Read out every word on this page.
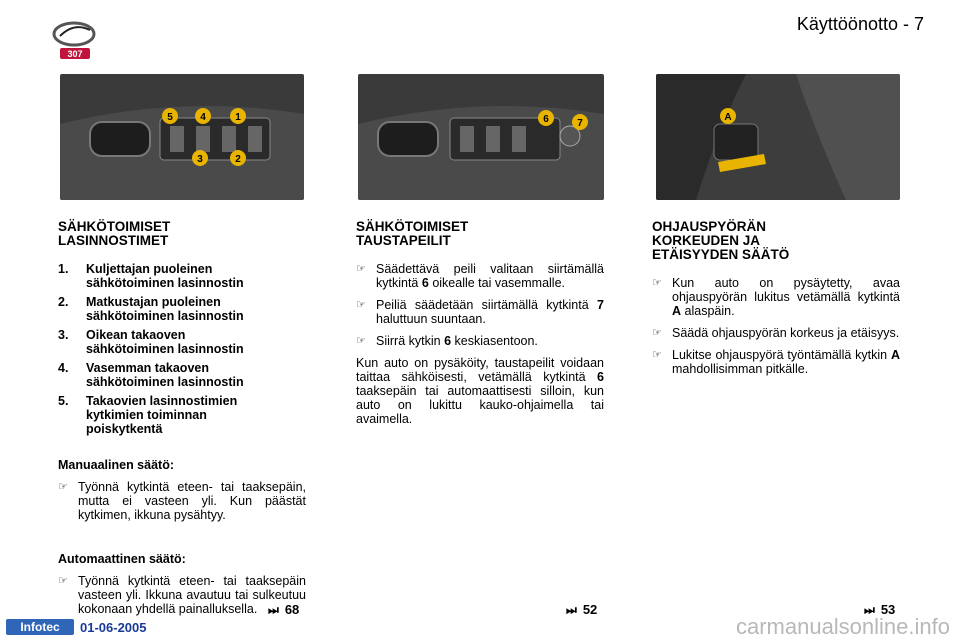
307
Käyttöönotto - 7
5	4	1
3	2
6	7
A
SÄHKÖTOIMISET
LASINNOSTIMET
1.	Kuljettajan puoleinen
sähkötoiminen lasinnostin
2.	Matkustajan puoleinen
sähkötoiminen lasinnostin
3.	Oikean takaoven
sähkötoiminen lasinnostin
4.	Vasemman takaoven
sähkötoiminen lasinnostin
5.	Takaovien lasinnostimien
kytkimien toiminnan
poiskytkentä
Manuaalinen säätö:
☞ Työnnä kytkintä eteen- tai taaksepäin, mutta ei vasteen yli. Kun päästät kytkimen, ikkuna pysähtyy.
Automaattinen säätö:
☞ Työnnä kytkintä eteen- tai taaksepäin vasteen yli. Ikkuna avautuu tai sulkeutuu kokonaan yhdellä painalluksella.
SÄHKÖTOIMISET
TAUSTAPEILIT
☞ Säädettävä peili valitaan siirtämällä kytkintä 6 oikealle tai vasemmalle.
☞ Peiliä säädetään siirtämällä kytkintä 7 haluttuun suuntaan.
☞ Siirrä kytkin 6 keskiasentoon.
Kun auto on pysäköity, taustapeilit voidaan taittaa sähköisesti, vetämällä kytkintä 6 taaksepäin tai automaattisesti silloin, kun auto on lukittu kauko-ohjaimella tai avaimella.
OHJAUSPYÖRÄN
KORKEUDEN JA
ETÄISYYDEN SÄÄTÖ
☞ Kun auto on pysäytetty, avaa ohjauspyörän lukitus vetämällä kytkintä A alaspäin.
☞ Säädä ohjauspyörän korkeus ja etäisyys.
☞ Lukitse ohjauspyörä työntämällä kytkin A mahdollisimman pitkälle.
⏭ 68	⏭ 52	⏭ 53
Infotec	01-06-2005	carmanualsonline.info
